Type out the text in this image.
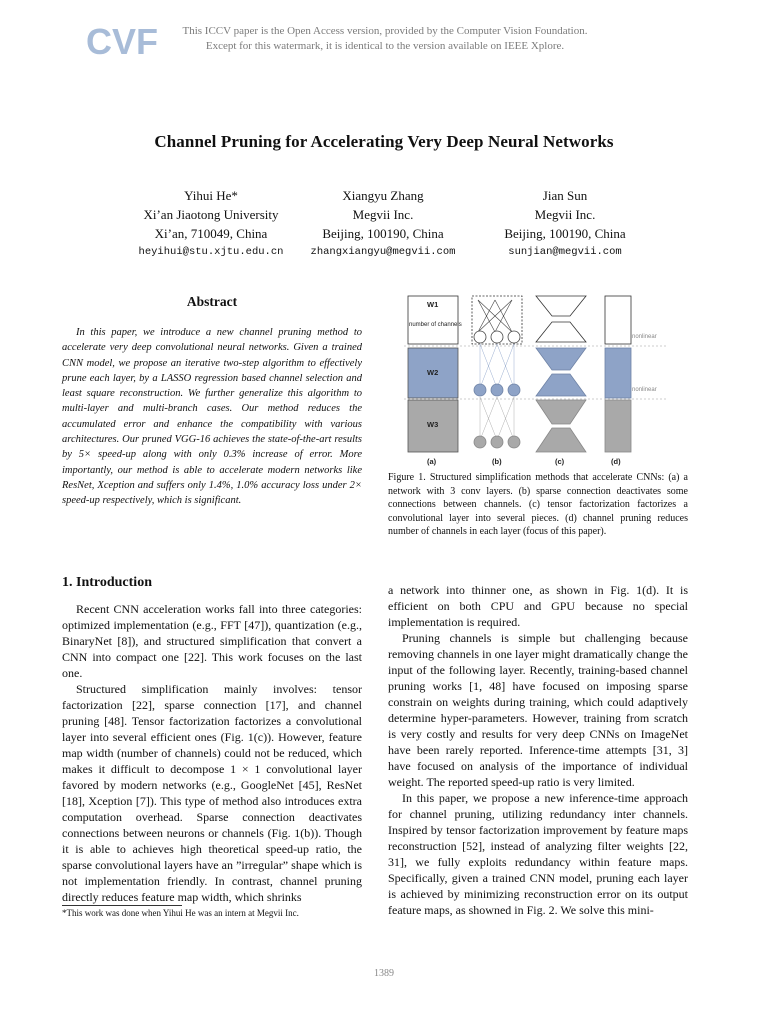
CVF	This ICCV paper is the Open Access version, provided by the Computer Vision Foundation.
Except for this watermark, it is identical to the version available on IEEE Xplore.
Channel Pruning for Accelerating Very Deep Neural Networks
Yihui He*
Xi’an Jiaotong University
Xi’an, 710049, China
heyihui@stu.xjtu.edu.cn
Xiangyu Zhang
Megvii Inc.
Beijing, 100190, China
zhangxiangyu@megvii.com
Jian Sun
Megvii Inc.
Beijing, 100190, China
sunjian@megvii.com
Abstract
In this paper, we introduce a new channel pruning method to accelerate very deep convolutional neural networks. Given a trained CNN model, we propose an iterative two-step algorithm to effectively prune each layer, by a LASSO regression based channel selection and least square reconstruction. We further generalize this algorithm to multi-layer and multi-branch cases. Our method reduces the accumulated error and enhance the compatibility with various architectures. Our pruned VGG-16 achieves the state-of-the-art results by 5× speed-up along with only 0.3% increase of error. More importantly, our method is able to accelerate modern networks like ResNet, Xception and suffers only 1.4%, 1.0% accuracy loss under 2× speed-up respectively, which is significant.
W1
number of channels
W2
W3
nonlinear
nonlinear
(a)	(b)	(c)	(d)
Figure 1. Structured simplification methods that accelerate CNNs: (a) a network with 3 conv layers. (b) sparse connection deactivates some connections between channels. (c) tensor factorization factorizes a convolutional layer into several pieces. (d) channel pruning reduces number of channels in each layer (focus of this paper).
1. Introduction

Recent CNN acceleration works fall into three categories: optimized implementation (e.g., FFT [47]), quantization (e.g., BinaryNet [8]), and structured simplification that convert a CNN into compact one [22]. This work focuses on the last one.

Structured simplification mainly involves: tensor factorization [22], sparse connection [17], and channel pruning [48]. Tensor factorization factorizes a convolutional layer into several efficient ones (Fig. 1(c)). However, feature map width (number of channels) could not be reduced, which makes it difficult to decompose 1 × 1 convolutional layer favored by modern networks (e.g., GoogleNet [45], ResNet [18], Xception [7]). This type of method also introduces extra computation overhead. Sparse connection deactivates connections between neurons or channels (Fig. 1(b)). Though it is able to achieves high theoretical speed-up ratio, the sparse convolutional layers have an ”irregular” shape which is not implementation friendly. In contrast, channel pruning directly reduces feature map width, which shrinks

a network into thinner one, as shown in Fig. 1(d). It is efficient on both CPU and GPU because no special implementation is required.

Pruning channels is simple but challenging because removing channels in one layer might dramatically change the input of the following layer. Recently, training-based channel pruning works [1, 48] have focused on imposing sparse constrain on weights during training, which could adaptively determine hyper-parameters. However, training from scratch is very costly and results for very deep CNNs on ImageNet have been rarely reported. Inference-time attempts [31, 3] have focused on analysis of the importance of individual weight. The reported speed-up ratio is very limited.

In this paper, we propose a new inference-time approach for channel pruning, utilizing redundancy inter channels. Inspired by tensor factorization improvement by feature maps reconstruction [52], instead of analyzing filter weights [22, 31], we fully exploits redundancy within feature maps. Specifically, given a trained CNN model, pruning each layer is achieved by minimizing reconstruction error on its output feature maps, as showned in Fig. 2. We solve this mini-

*This work was done when Yihui He was an intern at Megvii Inc.
1389
